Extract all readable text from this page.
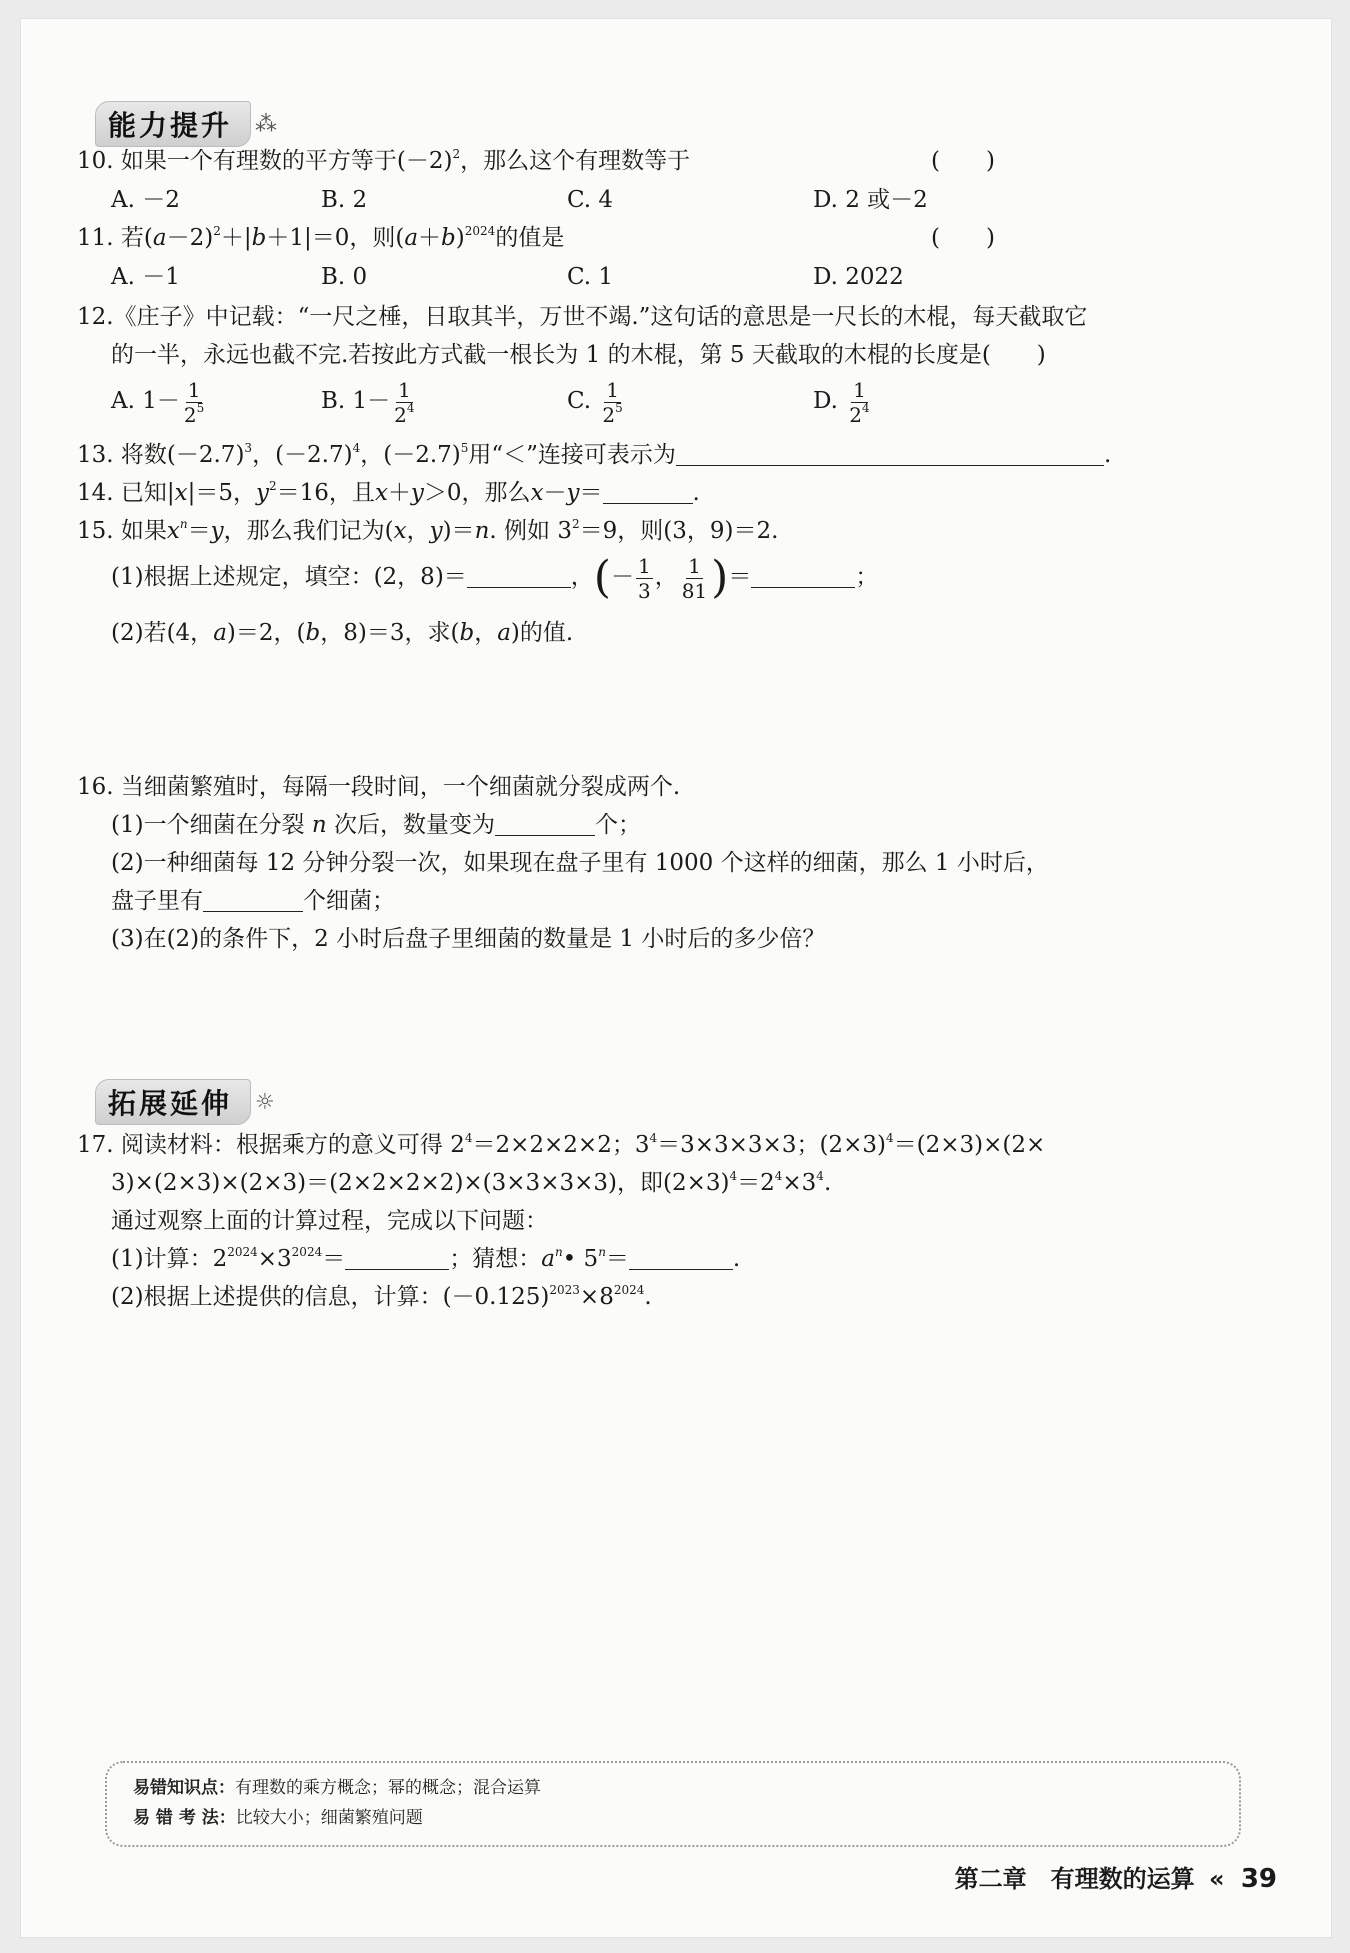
能力提升	⁂
10. 如果一个有理数的平方等于$(-2)^2$，那么这个有理数等于	(　　)
A. －2	B. 2	C. 4	D. 2 或－2
11. 若$(a-2)^2+|b+1|=0$，则$(a+b)^{2024}$的值是	(　　)
A. －1	B. 0	C. 1	D. 2022
12.《庄子》中记载：“一尺之棰，日取其半，万世不竭.”这句话的意思是一尺长的木棍，每天截取它
的一半，永远也截不完.若按此方式截一根长为 1 的木棍，第 5 天截取的木棍的长度是(　　)
A. $1- \frac{1}{2^5}$	B. $1- \frac{1}{2^4}$	C. $\frac{1}{2^5}$	D. $\frac{1}{2^4}$
13. 将数$(-2.7)^3$，$(-2.7)^4$，$(-2.7)^5$用“＜”连接可表示为	.
14. 已知|x|＝5，$y^2=16$，且x＋y＞0，那么x－y＝	.
15. 如果$x^n=y$，那么我们记为(x，y)＝n. 例如 $3^2=9$，则(3，9)＝2.
(1)根据上述规定，填空：(2，8)＝	，(－ $\frac{1}{3}$ ， $\frac{1}{81}$ )＝	；
(2)若(4，a)＝2，(b，8)＝3，求(b，a)的值.
16. 当细菌繁殖时，每隔一段时间，一个细菌就分裂成两个.
(1)一个细菌在分裂 n 次后，数量变为	个；
(2)一种细菌每 12 分钟分裂一次，如果现在盘子里有 1000 个这样的细菌，那么 1 小时后，
盘子里有	个细菌；
(3)在(2)的条件下，2 小时后盘子里细菌的数量是 1 小时后的多少倍？
拓展延伸	☼
17. 阅读材料：根据乘方的意义可得 $2^4=2\times 2\times 2\times 2$；$3^4=3\times 3\times 3\times 3$；$(2\times 3)^4=(2\times 3)\times(2\times$
3)×(2×3)×(2×3)＝(2×2×2×2)×(3×3×3×3)，即$(2\times 3)^4=2^4\times 3^4$.
通过观察上面的计算过程，完成以下问题：
(1)计算：$2^{2024}\times 3^{2024}=$	；猜想：$a^n•$ $5^n=$	.
(2)根据上述提供的信息，计算：$(-0.125)^{2023}\times 8^{2024}$.
易错知识点：有理数的乘方概念；幂的概念；混合运算
易 错 考 法：比较大小；细菌繁殖问题
第二章　有理数的运算 « 39
